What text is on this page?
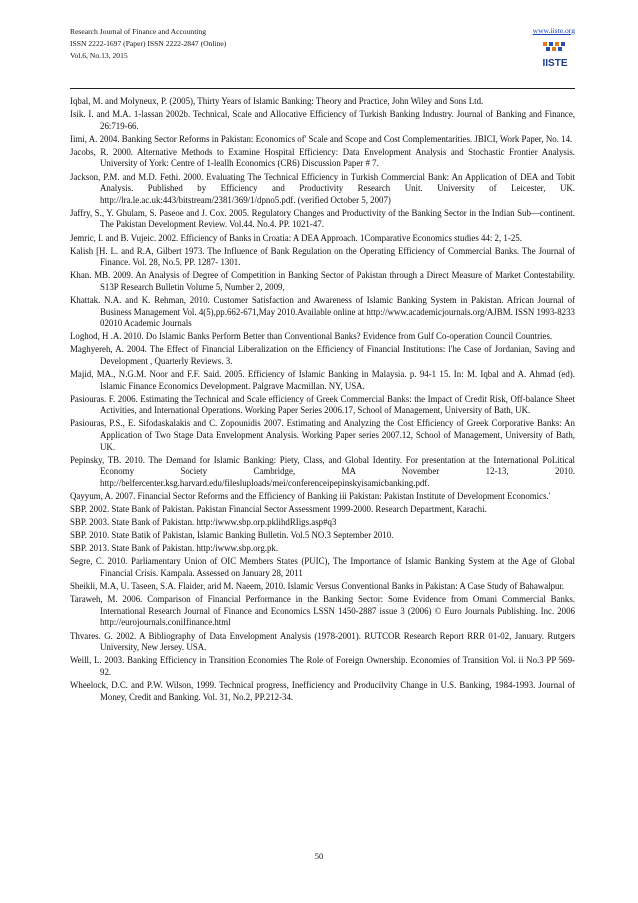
Research Journal of Finance and Accounting
ISSN 2222-1697 (Paper) ISSN 2222-2847 (Online)
Vol.6, No.13, 2015
www.iiste.org
IISTE

Iqbal, M. and Molyneux, P. (2005), Thirty Years of Islamic Banking: Theory and Practice, John Wiley and Sons Ltd.

Isik. I. and M.A. 1-lassan 2002b. Technical, Scale and Allocative Efficiency of Turkish Banking Industry. Journal of Banking and Finance, 26:719-66.

Iimi, A. 2004. Banking Sector Reforms in Pakistan: Economics of' Scale and Scope and Cost Complementarities. JBICI, Work Paper, No. 14.

Jacobs, R. 2000. Alternative Methods to Examine Hospital Efficiency: Data Envelopment Analysis and Stochastic Frontier Analysis. University of York: Centre of 1-leallh Economics (CR6) Discussion Paper # 7.

Jackson, P.M. and M.D. Fethi. 2000. Evaluating The Technical Efficiency in Turkish Commercial Bank: An Application of DEA and Tobit Analysis. Published by Efficiency and Productivity Research Unit. University of Leicester, UK. http://lra.le.ac.uk:443/bitstream/2381/369/1/dpno5.pdf. (verified October 5, 2007)

Jaffry, S., Y. Ghulam, S. Paseoe and J. Cox. 2005. Regulatory Changes and Productivity of the Banking Sector in the Indian Sub—continent. The Pakistan Development Review. Vol.44. No.4. PP. 1021-47.

Jemric, I. and B. Vujeic. 2002. Efficiency of Banks in Croatia: A DEA Approach. 1Comparative Economics studies 44: 2, 1-25.

Kalish [H. L. and R.A, Gilbert 1973. The Influence of Bank Regulation on the Operating Efficiency of Commercial Banks. The Journal of Finance. Vol. 28, No.5. PP. 1287- 1301.

Khan. MB. 2009. An Analysis of Degree of Competition in Banking Sector of Pakistan through a Direct Measure of Market Contestability. S13P Research Bulletin Volume 5, Number 2, 2009,

Khattak. N.A. and K. Rehman, 2010. Customer Satisfaction and Awareness of Islamic Banking System in Pakistan. African Journal of Business Management Vol. 4(5),pp.662-671,May 2010.Available online at http://www.academicjournals.org/AJBM. ISSN 1993-8233 02010 Academic Journals

Loghod, H .A. 2010. Do Islamic Banks Perform Better than Conventional Banks? Evidence from Gulf Co-operation Council Countries.

Maghyereh, A. 2004. The Effect of Financial Liberalization on the Efficiency of Financial Institutions: l'he Case of Jordanian, Saving and Development , Quarterly Reviews. 3.

Majid, MA., N.G.M. Noor and F.F. Said. 2005. Efficiency of Islamic Banking in Malaysia. p. 94-1 15. In: M. Iqbal and A. Ahmad (ed). Islamic Finance Economics Development. Palgrave Macmillan. NY, USA.

Pasiouras. F. 2006. Estimating the Technical and Scale efficiency of Greek Commercial Banks: the Impact of Credit Risk, Off-balance Sheet Activities, and International Operations. Working Paper Series 2006.17, School of Management, University of Bath, UK.

Pasiouras, P.S., E. Sifodaskalakis and C. Zopounidis 2007. Estimating and Analyzing the Cost Efficiency of Greek Corporative Banks: An Application of Two Stage Data Envelopment Analysis. Working Paper series 2007.12, School of Management, University of Bath, UK.

Pepinsky, TB. 2010. The Demand for Islamic Banking: Piety, Class, and Global Identity. For presentation at the International PoLitical Economy Society Cambridge, MA November 12-13, 2010. http://belfercenter.ksg.harvard.edu/filesluploads/mei/conferenceipepinskyisamicbanking.pdf.

Qayyum, A. 2007. Financial Sector Reforms and the Efficiency of Banking iii Pakistan: Pakistan Institute of Development Economics.'

SBP. 2002. State Bank of Pakistan. Pakistan Financial Sector Assessment 1999-2000. Research Department, Karachi.

SBP. 2003. State Bank of Pakistan. http:/iwww.sbp.orp.pklihdRIigs.asp#q3

SBP. 2010. State Batik of Pakistan, Islamic Banking Bulletin. Vol.5 NO.3 September 2010.

SBP. 2013. State Bank of Pakistan. http:/iwww.sbp.org.pk.

Segre, C. 2010. Parliamentary Union of OIC Members States (PUIC), The Importance of Islamic Banking System at the Age of Global Financial Crisis. Kampala. Assessed on January 28, 2011

Sheikli, M.A, U. Taseen, S.A. Flaider, arid M. Naeem, 2010. Islamic Versus Conventional Banks in Pakistan: A Case Study of Bahawalpur.

Taraweh, M. 2006. Comparison of Financial Performance in the Banking Sector: Some Evidence from Omani Commercial Banks. International Research Journal of Finance and Economics LSSN 1450-2887 issue 3 (2006) © Euro Journals Publishing. Inc. 2006 http://eurojournals.coniIfinance.html

Thvares. G. 2002. A Bibliography of Data Envelopment Analysis (1978-2001). RUTCOR Research Report RRR 01-02, January. Rutgers University, New Jersey. USA.

Weill, L. 2003. Banking Efficiency in Transition Economies The Role of Foreign Ownership. Economies of Transition Vol. ii No.3 PP 569-92.

Wheelock, D.C. and P.W. Wilson, 1999. Technical progress, Inefficiency and Producilvity Change in U.S. Banking, 1984-1993. Journal of Money, Credit and Banking. Vol. 31, No.2, PP.212-34.

50
